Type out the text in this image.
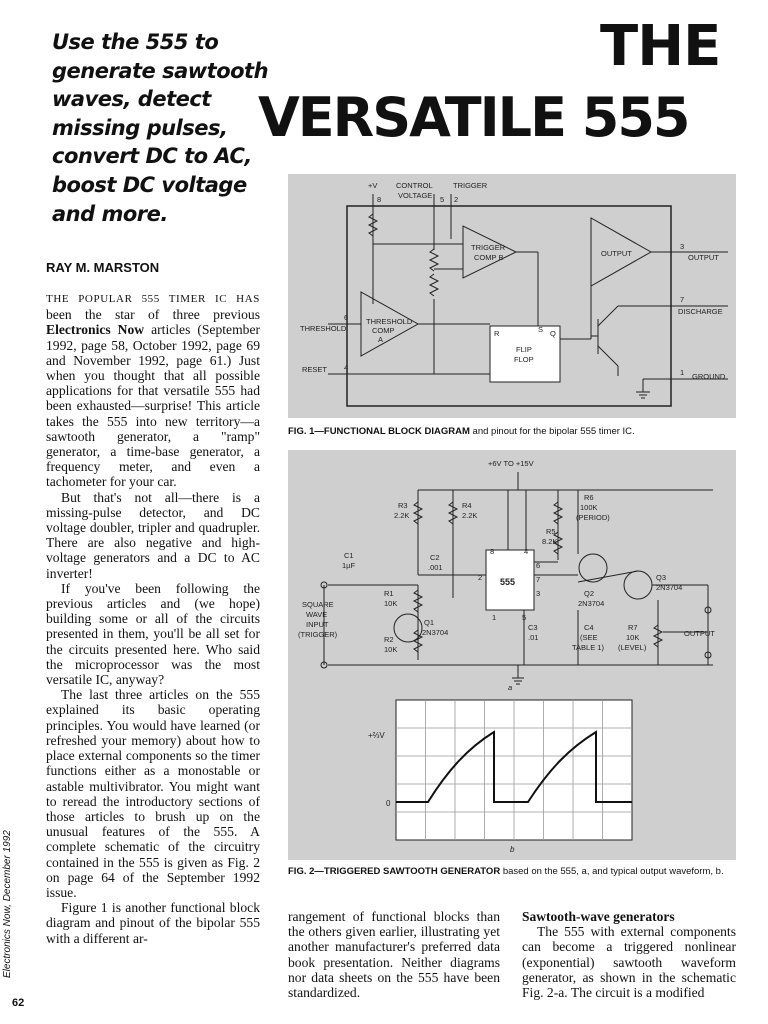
Use the 555 to
generate sawtooth
waves, detect
missing pulses,
convert DC to AC,
boost DC voltage
and more.
THE
VERSATILE 555
RAY M. MARSTON

THE POPULAR 555 TIMER IC HAS been the star of three previous Electronics Now articles (September 1992, page 58, October 1992, page 69 and November 1992, page 61.) Just when you thought that all possible applications for that versatile 555 had been exhausted—surprise! This article takes the 555 into new territory—a sawtooth generator, a "ramp" generator, a time-base generator, a frequency meter, and even a tachometer for your car.

But that's not all—there is a missing-pulse detector, and DC voltage doubler, tripler and quadrupler. There are also negative and high-voltage generators and a DC to AC inverter!

If you've been following the previous articles and (we hope) building some or all of the circuits presented in them, you'll be all set for the circuits presented here. Who said the microprocessor was the most versatile IC, anyway?

The last three articles on the 555 explained its basic operating principles. You would have learned (or refreshed your memory) about how to place external components so the timer functions either as a monostable or astable multivibrator. You might want to reread the introductory sections of those articles to brush up on the unusual features of the 555. A complete schematic of the circuitry contained in the 555 is given as Fig. 2 on page 64 of the September 1992 issue.

Figure 1 is another functional block diagram and pinout of the bipolar 555 with a different ar-

rangement of functional blocks than the others given earlier, illustrating yet another manufacturer's preferred data book presentation. Neither diagrams nor data sheets on the 555 have been standardized.

Sawtooth-wave generators

The 555 with external components can become a triggered nonlinear (exponential) sawtooth waveform generator, as shown in the schematic Fig. 2-a. The circuit is a modified

+V CONTROL
VOLTAGE
TRIGGER
TRIGGER
COMP B	OUTPUT	OUTPUT
THRESHOLD
COMP
A
THRESHOLD
DISCHARGE
RESET
GROUND
FLIP
FLOP
R	S Q
8	5 2
3
6
7
4
1
FIG. 1—FUNCTIONAL BLOCK DIAGRAM and pinout for the bipolar 555 timer IC.
+6V TO +15V
R3
2.2K
R4
2.2K
R6
100K
(PERIOD)
R5
8.2K
C1
1µF
C2
.001
R1
10K
R2
10K
SQUARE
WAVE
INPUT
(TRIGGER)
Q1
2N3704
Q2
2N3704
Q3
2N3704
555
C3
.01
C4
(SEE
TABLE 1)
R7
10K
(LEVEL)
OUTPUT
a
8	4
6
7
3
2
1	5
+⅔V
0
b
FIG. 2—TRIGGERED SAWTOOTH GENERATOR based on the 555, a, and typical output waveform, b.
Electronics Now, December 1992
62
